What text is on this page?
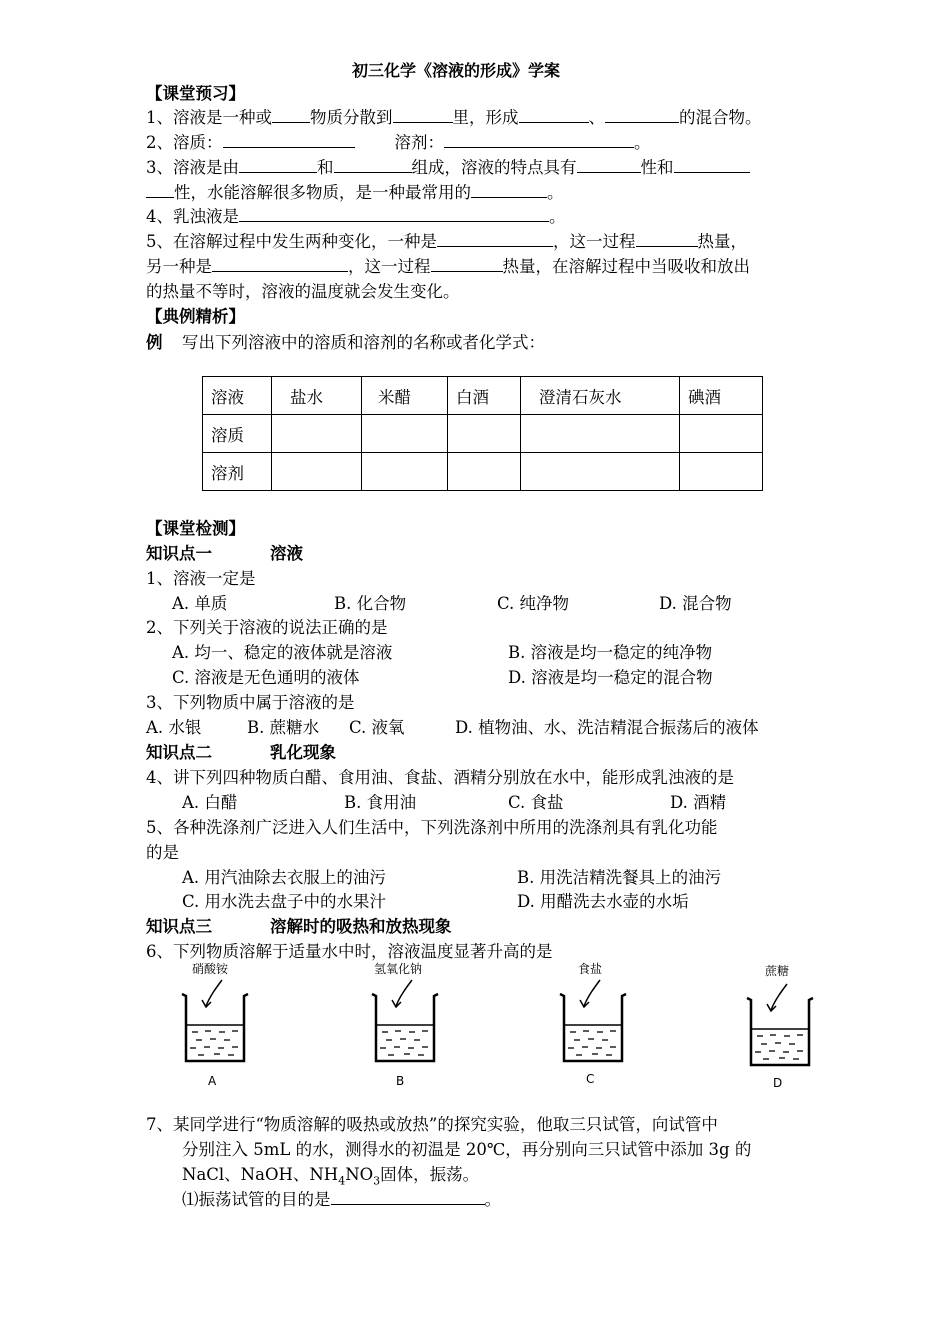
初三化学《溶液的形成》学案
【课堂预习】
1、溶液是一种或 物质分散到	里，形成	、	的混合物。
2、溶质：	溶剂：	。
3、溶液是由	和	组成，溶液的特点具有	性和
性，水能溶解很多物质，是一种最常用的	。
4、乳浊液是	。
5、在溶解过程中发生两种变化，一种是	，这一过程	热量，
另一种是	，这一过程	热量，在溶解过程中当吸收和放出
的热量不等时，溶液的温度就会发生变化。
【典例精析】
例 写出下列溶液中的溶质和溶剂的名称或者化学式：
溶液	盐水	米醋	白酒	澄清石灰水	碘酒
溶质					
溶剂					
【课堂检测】
知识点一	溶液
1、溶液一定是
A. 单质	B. 化合物	C. 纯净物	D. 混合物
2、下列关于溶液的说法正确的是
A. 均一、稳定的液体就是溶液	B. 溶液是均一稳定的纯净物
C. 溶液是无色通明的液体	D. 溶液是均一稳定的混合物
3、下列物质中属于溶液的是
A. 水银	B. 蔗糖水 C. 液氧	D. 植物油、水、洗洁精混合振荡后的液体
知识点二	乳化现象
4、讲下列四种物质白醋、食用油、食盐、酒精分别放在水中，能形成乳浊液的是
A. 白醋	B. 食用油	C. 食盐	D. 酒精
5、各种洗涤剂广泛进入人们生活中，下列洗涤剂中所用的洗涤剂具有乳化功能
的是
A. 用汽油除去衣服上的油污	B. 用洗洁精洗餐具上的油污
C. 用水洗去盘子中的水果汁	D. 用醋洗去水壶的水垢
知识点三	溶解时的吸热和放热现象
6、下列物质溶解于适量水中时，溶液温度显著升高的是
硝酸铵
A
氢氧化钠
B
食盐
C
蔗糖
D
7、某同学进行“物质溶解的吸热或放热”的探究实验，他取三只试管，向试管中
分别注入 5mL 的水，测得水的初温是 20℃，再分别向三只试管中添加 3g 的
NaCl、NaOH、$NH_4NO_3$固体，振荡。
⑴振荡试管的目的是	。
